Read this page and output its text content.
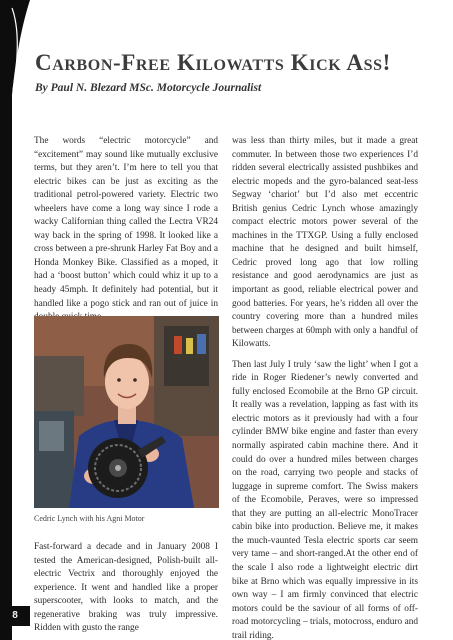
Carbon-Free Kilowatts Kick Ass!
By Paul N. Blezard MSc. Motorcycle Journalist

The words “electric motorcycle” and “excitement” may sound like mutually exclusive terms, but they aren’t. I’m here to tell you that electric bikes can be just as exciting as the traditional petrol-powered variety. Electric two wheelers have come a long way since I rode a wacky Californian thing called the Lectra VR24 way back in the spring of 1998. It looked like a cross between a pre-shrunk Harley Fat Boy and a Honda Monkey Bike. Classified as a moped, it had a ‘boost button’ which could whiz it up to a heady 45mph. It definitely had potential, but it handled like a pogo stick and ran out of juice in

Cedric Lynch with his Agni Motor

Fast-forward a decade and in January 2008 I tested the American-designed, Polish-built all-electric Vectrix and thoroughly enjoyed the experience. It went and handled like a proper superscooter, with looks to match, and the regenerative braking was truly impressive. Ridden with gusto the range

was less than thirty miles, but it made a great commuter. In between those two experiences I’d ridden several electrically assisted pushbikes and electric mopeds and the gyro-balanced seat-less Segway ‘chariot’ but I’d also met eccentric British genius Cedric Lynch whose amazingly compact electric motors power several of the machines in the TTXGP. Using a fully enclosed machine that he designed and built himself, Cedric proved long ago that low rolling resistance and good aerodynamics are just as important as good, reliable electrical power and good batteries. For years, he’s ridden all over the country covering more than a hundred miles between charges at 60mph with only a handful of Kilowatts.

Then last July I truly ‘saw the light’ when I got a ride in Roger Riedener’s newly converted and fully enclosed Ecomobile at the Brno GP circuit. It really was a revelation, lapping as fast with its electric motors as it previously had with a four cylinder BMW bike engine and faster than every normally aspirated cabin machine there. And it could do over a hundred miles between charges on the road, carrying two people and stacks of luggage in supreme comfort. The Swiss makers of the Ecomobile, Peraves, were so impressed that they are putting an all-electric MonoTracer cabin bike into production. Believe me, it makes the much-vaunted Tesla electric sports car seem very tame – and short-ranged.At the other end of the scale I also rode a lightweight electric dirt bike at Brno which was equally impressive in its own way – I am firmly convinced that electric motors could be the saviour of all forms of off-road motorcycling – trials, motocross, enduro and trail riding.

8
